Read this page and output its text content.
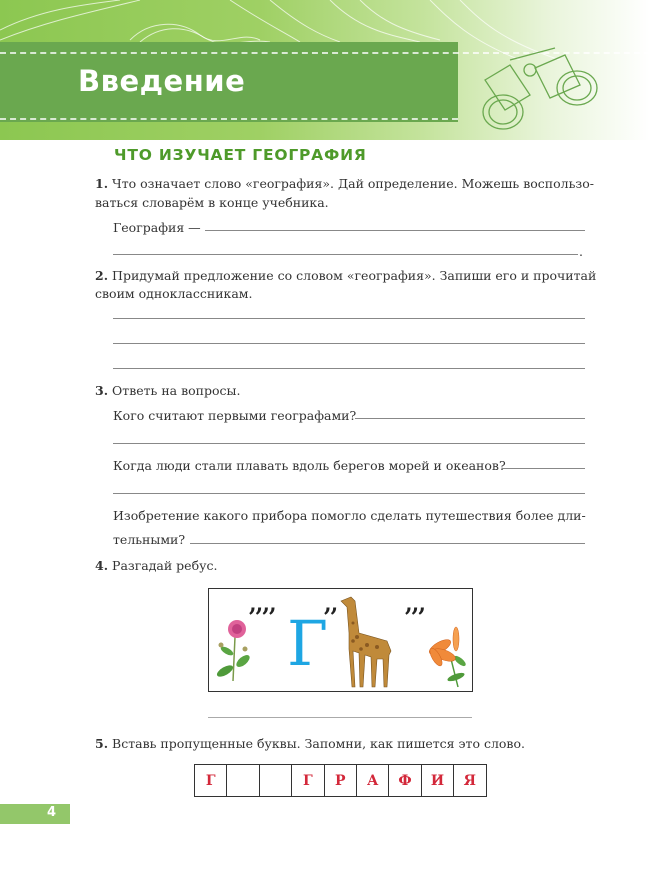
Введение
ЧТО ИЗУЧАЕТ ГЕОГРАФИЯ
1. Что означает слово «география». Дай определение. Можешь воспользо-
ваться словарём в конце учебника.
География —
.
2. Придумай предложение со словом «география». Запиши его и прочитай
своим одноклассникам.
3. Ответь на вопросы.
Кого считают первыми географами?
Когда люди стали плавать вдоль берегов морей и океанов?
Изобретение какого прибора помогло сделать путешествия более дли-
тельными?
4. Разгадай ребус.
,,,,
Г
,,	,,,
5. Вставь пропущенные буквы. Запомни, как пишется это слово.
Г	Г	Р	А	Ф	И	Я
4
